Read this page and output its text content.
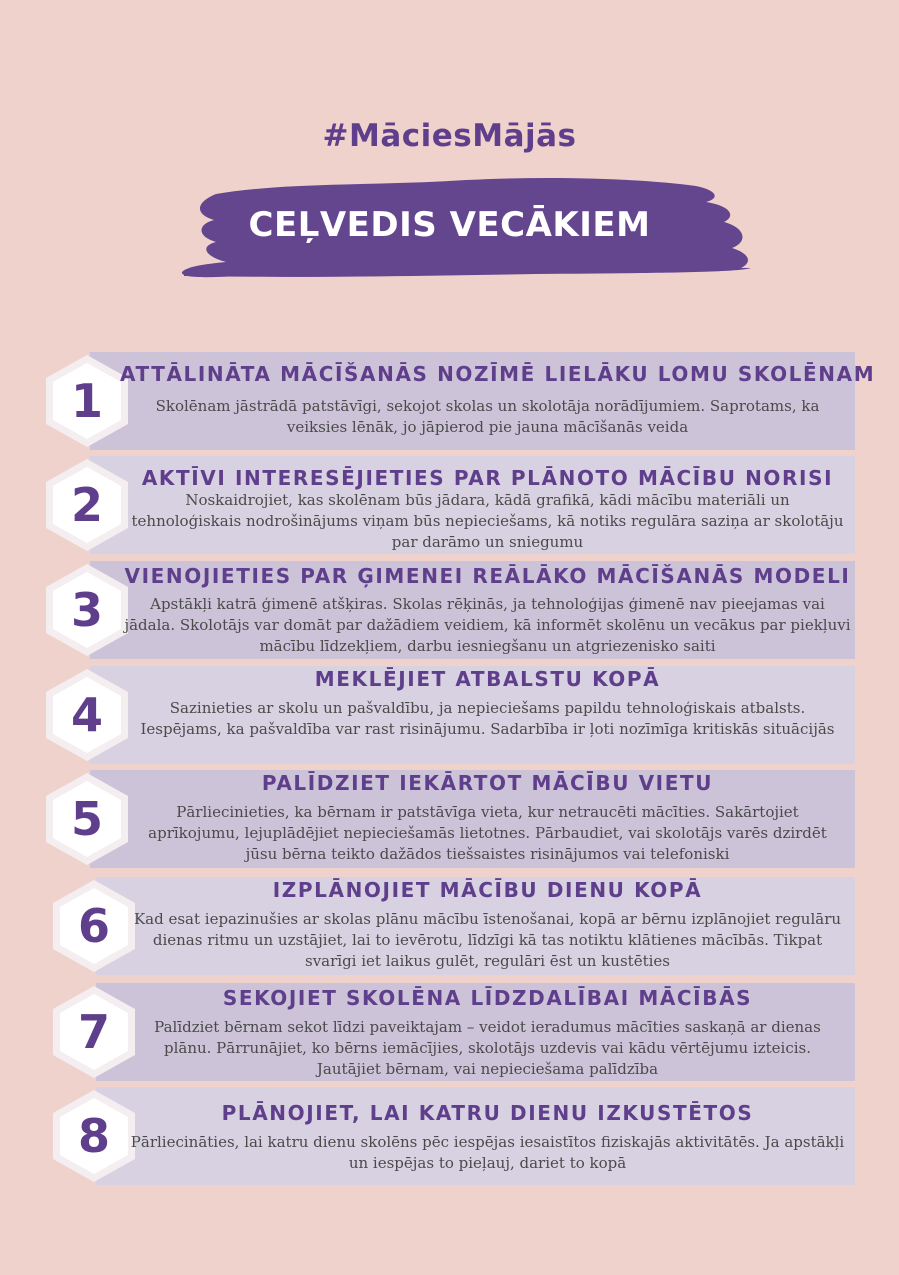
#MāciesMājās
CEĻVEDIS VECĀKIEM
1 ATTĀLINĀTA MĀCĪŠANĀS NOZĪMĒ LIELĀKU LOMU SKOLĒNAM
Skolēnam jāstrādā patstāvīgi, sekojot skolas un skolotāja norādījumiem. Saprotams, ka veiksies lēnāk, jo jāpierod pie jauna mācīšanās veida
2	AKTĪVI INTERESĒJIETIES PAR PLĀNOTO MĀCĪBU NORISI
Noskaidrojiet, kas skolēnam būs jādara, kādā grafikā, kādi mācību materiāli un tehnoloģiskais nodrošinājums viņam būs nepieciešams, kā notiks regulāra saziņa ar skolotāju par darāmo un sniegumu
3
VIENOJIETIES PAR ĢIMENEI REĀLĀKO MĀCĪŠANĀS MODELI
Apstākļi katrā ģimenē atšķiras. Skolas rēķinās, ja tehnoloģijas ģimenē nav pieejamas vai jādala. Skolotājs var domāt par dažādiem veidiem, kā informēt skolēnu un vecākus par piekļuvi mācību līdzekļiem, darbu iesniegšanu un atgriezenisko saiti
4
MEKLĒJIET ATBALSTU KOPĀ
Sazinieties ar skolu un pašvaldību, ja nepieciešams papildu tehnoloģiskais atbalsts. Iespējams, ka pašvaldība var rast risinājumu. Sadarbība ir ļoti nozīmīga kritiskās situācijās
5
PALĪDZIET IEKĀRTOT MĀCĪBU VIETU
Pārliecinieties, ka bērnam ir patstāvīga vieta, kur netraucēti mācīties. Sakārtojiet aprīkojumu, lejuplādējiet nepieciešamās lietotnes. Pārbaudiet, vai skolotājs varēs dzirdēt jūsu bērna teikto dažādos tiešsaistes risinājumos vai telefoniski
6
IZPLĀNOJIET MĀCĪBU DIENU KOPĀ
Kad esat iepazinušies ar skolas plānu mācību īstenošanai, kopā ar bērnu izplānojiet regulāru dienas ritmu un uzstājiet, lai to ievērotu, līdzīgi kā tas notiktu klātienes mācībās. Tikpat svarīgi iet laikus gulēt, regulāri ēst un kustēties
7
SEKOJIET SKOLĒNA LĪDZDALĪBAI MĀCĪBĀS
Palīdziet bērnam sekot līdzi paveiktajam – veidot ieradumus mācīties saskaņā ar dienas plānu. Pārrunājiet, ko bērns iemācījies, skolotājs uzdevis vai kādu vērtējumu izteicis. Jautājiet bērnam, vai nepieciešama palīdzība
8	PLĀNOJIET, LAI KATRU DIENU IZKUSTĒTOS
Pārliecināties, lai katru dienu skolēns pēc iespējas iesaistītos fiziskajās aktivitātēs. Ja apstākļi un iespējas to pieļauj, dariet to kopā
